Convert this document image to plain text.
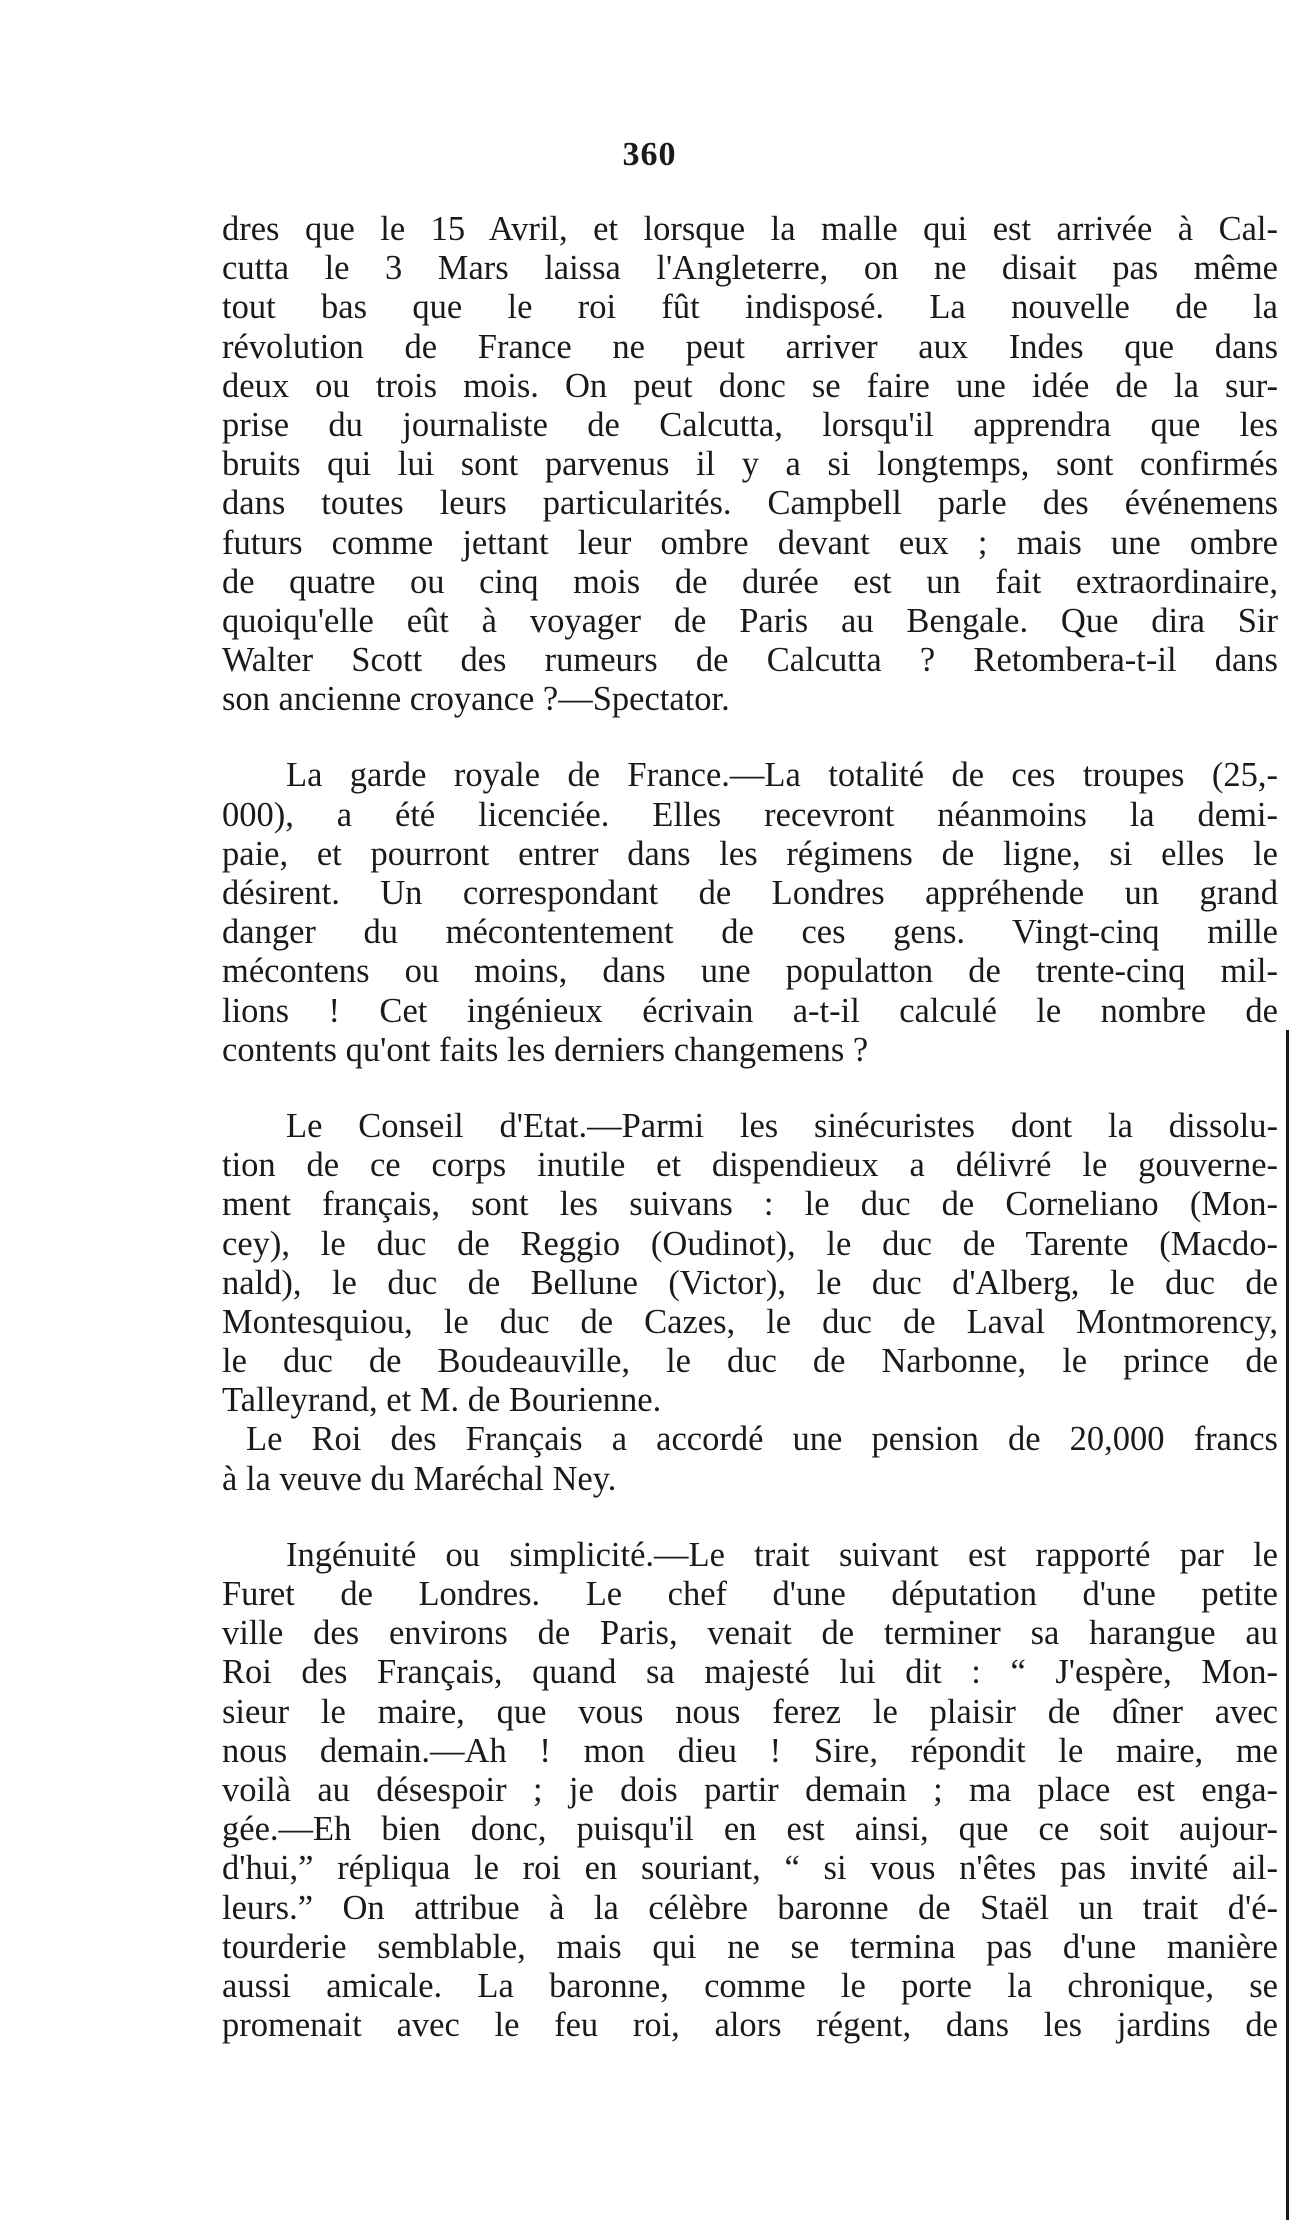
360
dres que le 15 Avril, et lorsque la malle qui est arrivée à Cal-
cutta le 3 Mars laissa l'Angleterre, on ne disait pas même
tout bas que le roi fût indisposé. La nouvelle de la
révolution de France ne peut arriver aux Indes que dans
deux ou trois mois. On peut donc se faire une idée de la sur-
prise du journaliste de Calcutta, lorsqu'il apprendra que les
bruits qui lui sont parvenus il y a si longtemps, sont confirmés
dans toutes leurs particularités. Campbell parle des événemens
futurs comme jettant leur ombre devant eux ; mais une ombre
de quatre ou cinq mois de durée est un fait extraordinaire,
quoiqu'elle eût à voyager de Paris au Bengale. Que dira Sir
Walter Scott des rumeurs de Calcutta ? Retombera-t-il dans
son ancienne croyance ?—Spectator.
La garde royale de France.—La totalité de ces troupes (25,-
000), a été licenciée. Elles recevront néanmoins la demi-
paie, et pourront entrer dans les régimens de ligne, si elles le
désirent. Un correspondant de Londres appréhende un grand
danger du mécontentement de ces gens. Vingt-cinq mille
mécontens ou moins, dans une populatton de trente-cinq mil-
lions ! Cet ingénieux écrivain a-t-il calculé le nombre de
contents qu'ont faits les derniers changemens ?
Le Conseil d'Etat.—Parmi les sinécuristes dont la dissolu-
tion de ce corps inutile et dispendieux a délivré le gouverne-
ment français, sont les suivans : le duc de Corneliano (Mon-
cey), le duc de Reggio (Oudinot), le duc de Tarente (Macdo-
nald), le duc de Bellune (Victor), le duc d'Alberg, le duc de
Montesquiou, le duc de Cazes, le duc de Laval Montmorency,
le duc de Boudeauville, le duc de Narbonne, le prince de
Talleyrand, et M. de Bourienne.
Le Roi des Français a accordé une pension de 20,000 francs
à la veuve du Maréchal Ney.
Ingénuité ou simplicité.—Le trait suivant est rapporté par le
Furet de Londres. Le chef d'une députation d'une petite
ville des environs de Paris, venait de terminer sa harangue au
Roi des Français, quand sa majesté lui dit : “ J'espère, Mon-
sieur le maire, que vous nous ferez le plaisir de dîner avec
nous demain.—Ah ! mon dieu ! Sire, répondit le maire, me
voilà au désespoir ; je dois partir demain ; ma place est enga-
gée.—Eh bien donc, puisqu'il en est ainsi, que ce soit aujour-
d'hui,” répliqua le roi en souriant, “ si vous n'êtes pas invité ail-
leurs.” On attribue à la célèbre baronne de Staël un trait d'é-
tourderie semblable, mais qui ne se termina pas d'une manière
aussi amicale. La baronne, comme le porte la chronique, se
promenait avec le feu roi, alors régent, dans les jardins de
